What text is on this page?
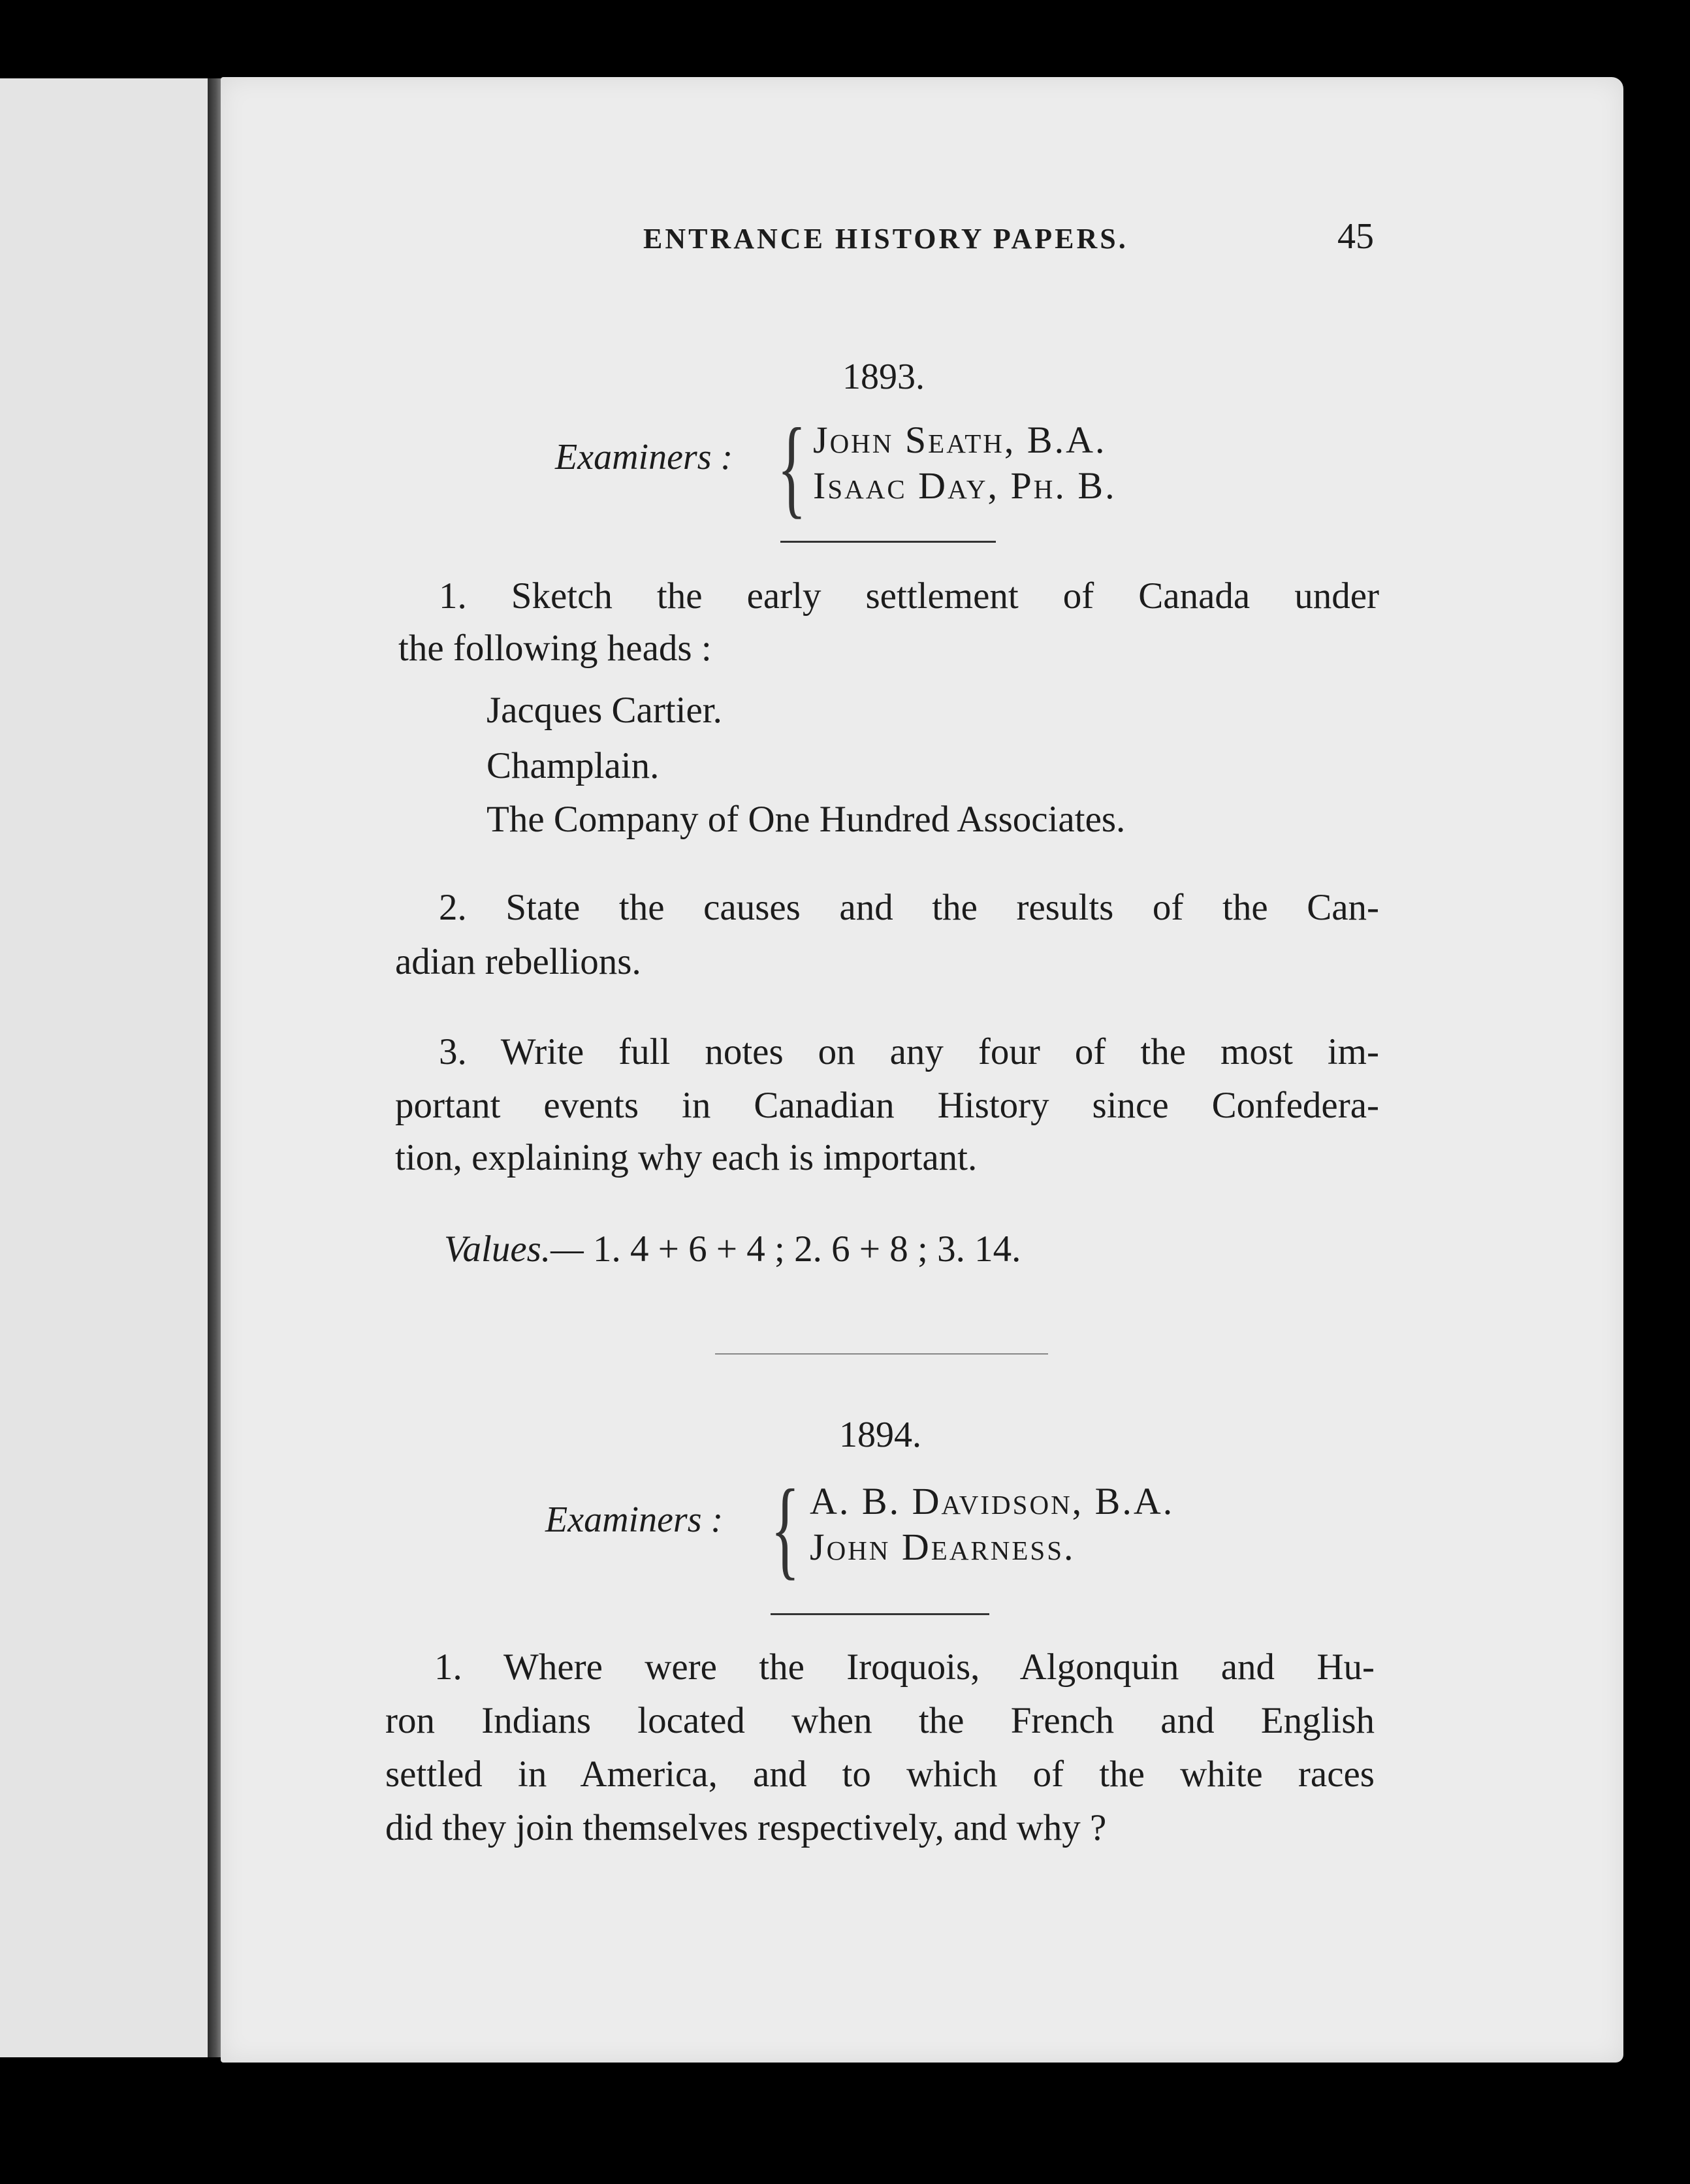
ENTRANCE HISTORY PAPERS.	45
1893.
Examiners : { John Seath, B.A.
Isaac Day, Ph. B.
1. Sketch the early settlement of Canada under
the following heads :
Jacques Cartier.
Champlain.
The Company of One Hundred Associates.
2. State the causes and the results of the Can-
adian rebellions.
3. Write full notes on any four of the most im-
portant events in Canadian History since Confedera-
tion, explaining why each is important.
Values.— 1. 4 + 6 + 4 ; 2. 6 + 8 ; 3. 14.
1894.
Examiners : { A. B. Davidson, B.A.
John Dearness.
1. Where were the Iroquois, Algonquin and Hu-
ron Indians located when the French and English
settled in America, and to which of the white races
did they join themselves respectively, and why ?
